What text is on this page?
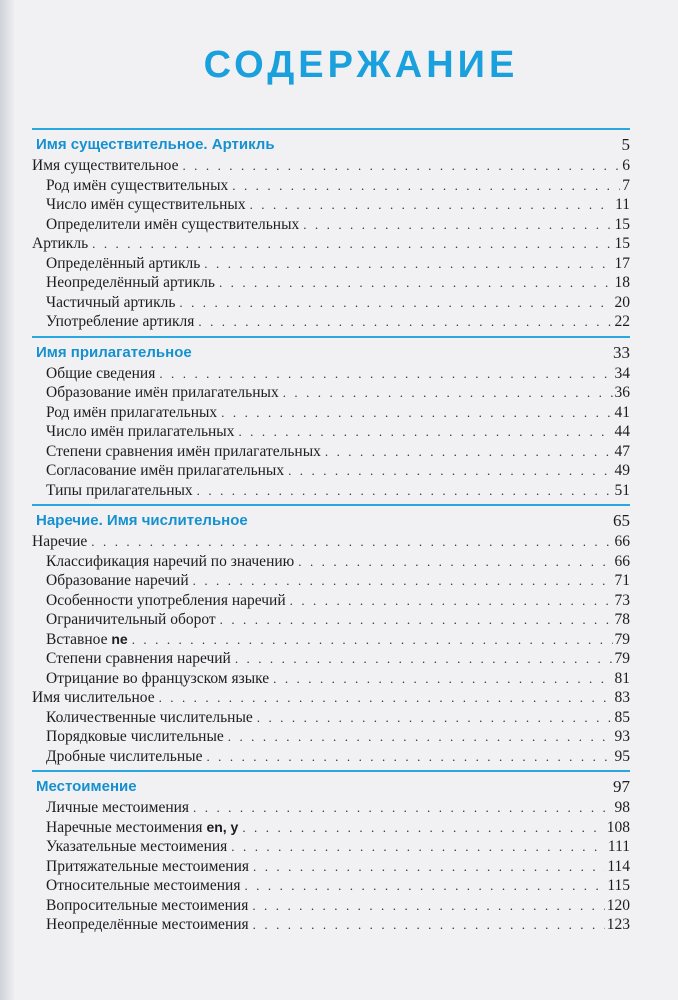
СОДЕРЖАНИЕ
Имя существительное. Артикль	5
Имя существительное . . .	6
Род имён существительных . . .	7
Число имён существительных . . .	11
Определители имён существительных . . .	15
Артикль . . .	15
Определённый артикль . . .	17
Неопределённый артикль . . .	18
Частичный артикль . . .	20
Употребление артикля . . .	22
Имя прилагательное	33
Общие сведения . . .	34
Образование имён прилагательных . . .	36
Род имён прилагательных . . .	41
Число имён прилагательных . . .	44
Степени сравнения имён прилагательных . . .	47
Согласование имён прилагательных . . .	49
Типы прилагательных . . .	51
Наречие. Имя числительное	65
Наречие . . .	66
Классификация наречий по значению . . .	66
Образование наречий . . .	71
Особенности употребления наречий . . .	73
Ограничительный оборот . . .	78
Вставное ne . . .	79
Степени сравнения наречий . . .	79
Отрицание во французском языке . . .	81
Имя числительное . . .	83
Количественные числительные . . .	85
Порядковые числительные . . .	93
Дробные числительные . . .	95
Местоимение	97
Личные местоимения . . .	98
Наречные местоимения en, y . . .	108
Указательные местоимения . . .	111
Притяжательные местоимения . . .	114
Относительные местоимения . . .	115
Вопросительные местоимения . . .	120
Неопределённые местоимения . . .	123
